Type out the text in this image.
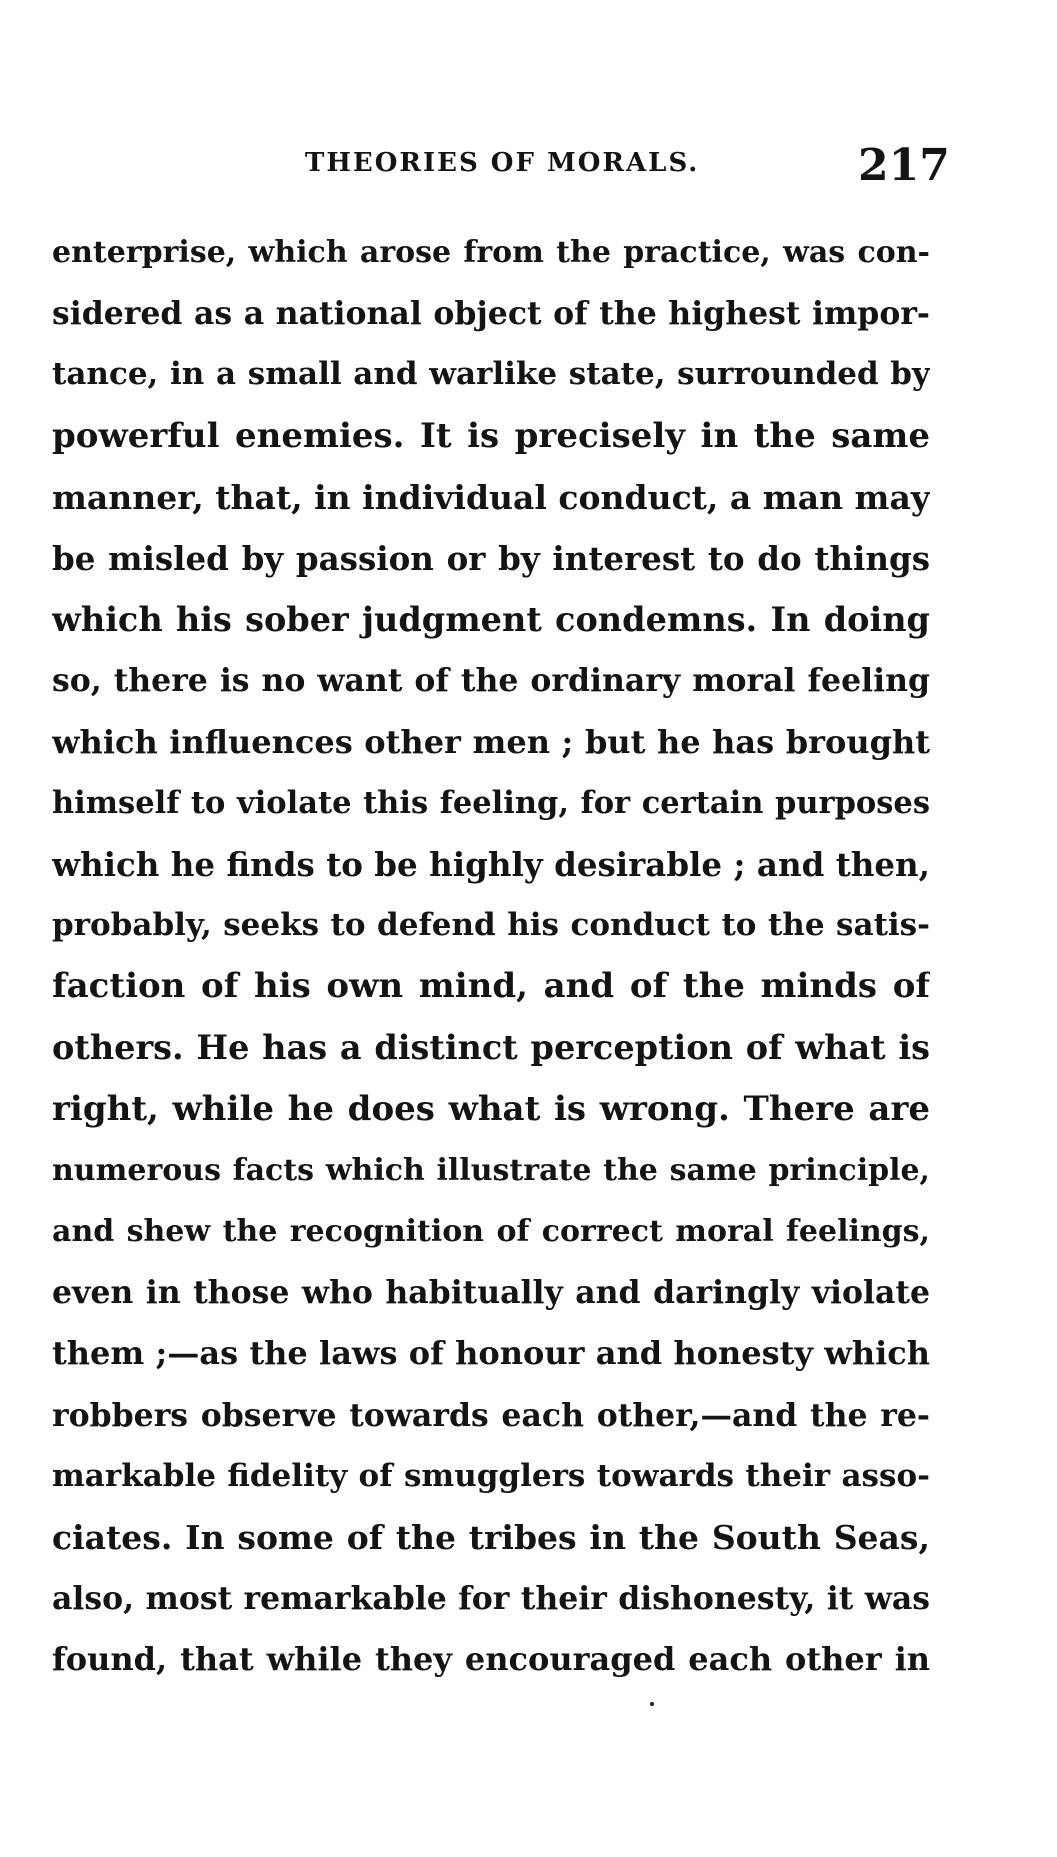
THEORIES OF MORALS.	217
enterprise, which arose from the practice, was con-
sidered as a national object of the highest impor-
tance, in a small and warlike state, surrounded by
powerful enemies. It is precisely in the same
manner, that, in individual conduct, a man may
be misled by passion or by interest to do things
which his sober judgment condemns. In doing
so, there is no want of the ordinary moral feeling
which influences other men ; but he has brought
himself to violate this feeling, for certain purposes
which he finds to be highly desirable ; and then,
probably, seeks to defend his conduct to the satis-
faction of his own mind, and of the minds of
others. He has a distinct perception of what is
right, while he does what is wrong. There are
numerous facts which illustrate the same principle,
and shew the recognition of correct moral feelings,
even in those who habitually and daringly violate
them ;—as the laws of honour and honesty which
robbers observe towards each other,—and the re-
markable fidelity of smugglers towards their asso-
ciates. In some of the tribes in the South Seas,
also, most remarkable for their dishonesty, it was
found, that while they encouraged each other in
